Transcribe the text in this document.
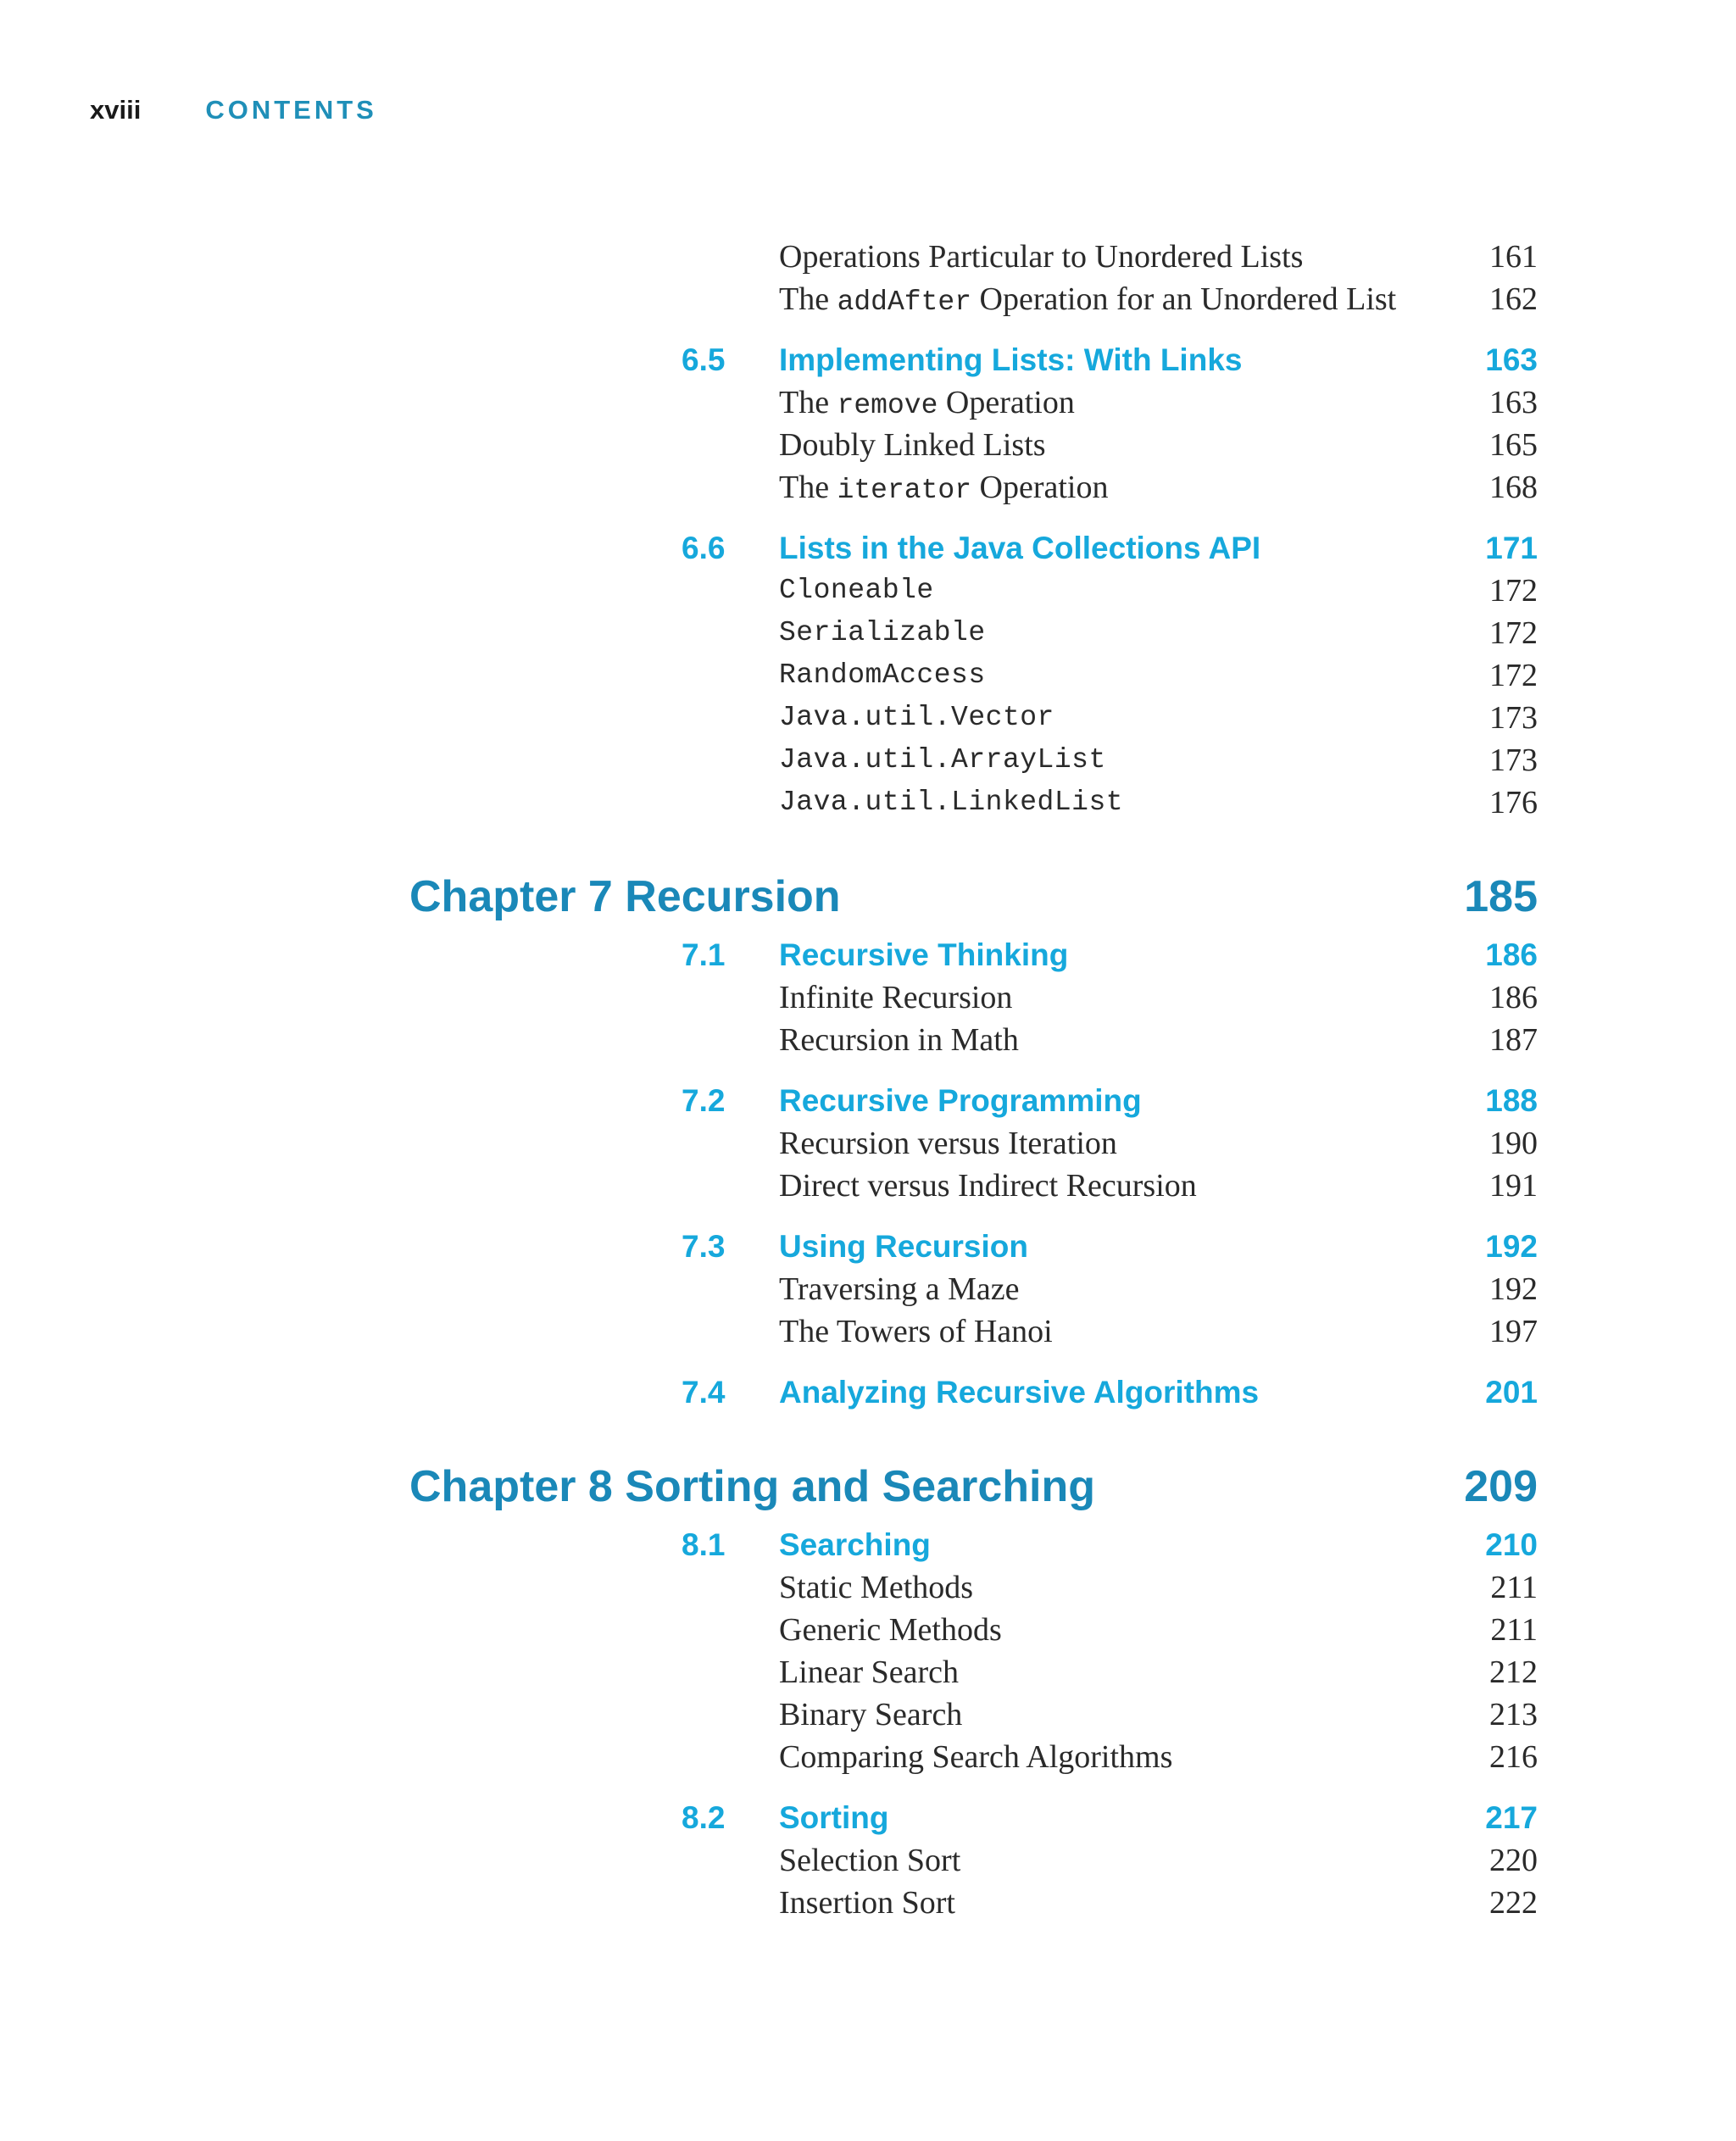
xviii CONTENTS
Operations Particular to Unordered Lists	161
The addAfter Operation for an Unordered List	162
6.5 Implementing Lists: With Links	163
The remove Operation	163
Doubly Linked Lists	165
The iterator Operation	168
6.6 Lists in the Java Collections API	171
Cloneable	172
Serializable	172
RandomAccess	172
Java.util.Vector	173
Java.util.ArrayList	173
Java.util.LinkedList	176
Chapter 7 Recursion	185
7.1 Recursive Thinking	186
Infinite Recursion	186
Recursion in Math	187
7.2 Recursive Programming	188
Recursion versus Iteration	190
Direct versus Indirect Recursion	191
7.3 Using Recursion	192
Traversing a Maze	192
The Towers of Hanoi	197
7.4 Analyzing Recursive Algorithms	201
Chapter 8 Sorting and Searching	209
8.1 Searching	210
Static Methods	211
Generic Methods	211
Linear Search	212
Binary Search	213
Comparing Search Algorithms	216
8.2 Sorting	217
Selection Sort	220
Insertion Sort	222
